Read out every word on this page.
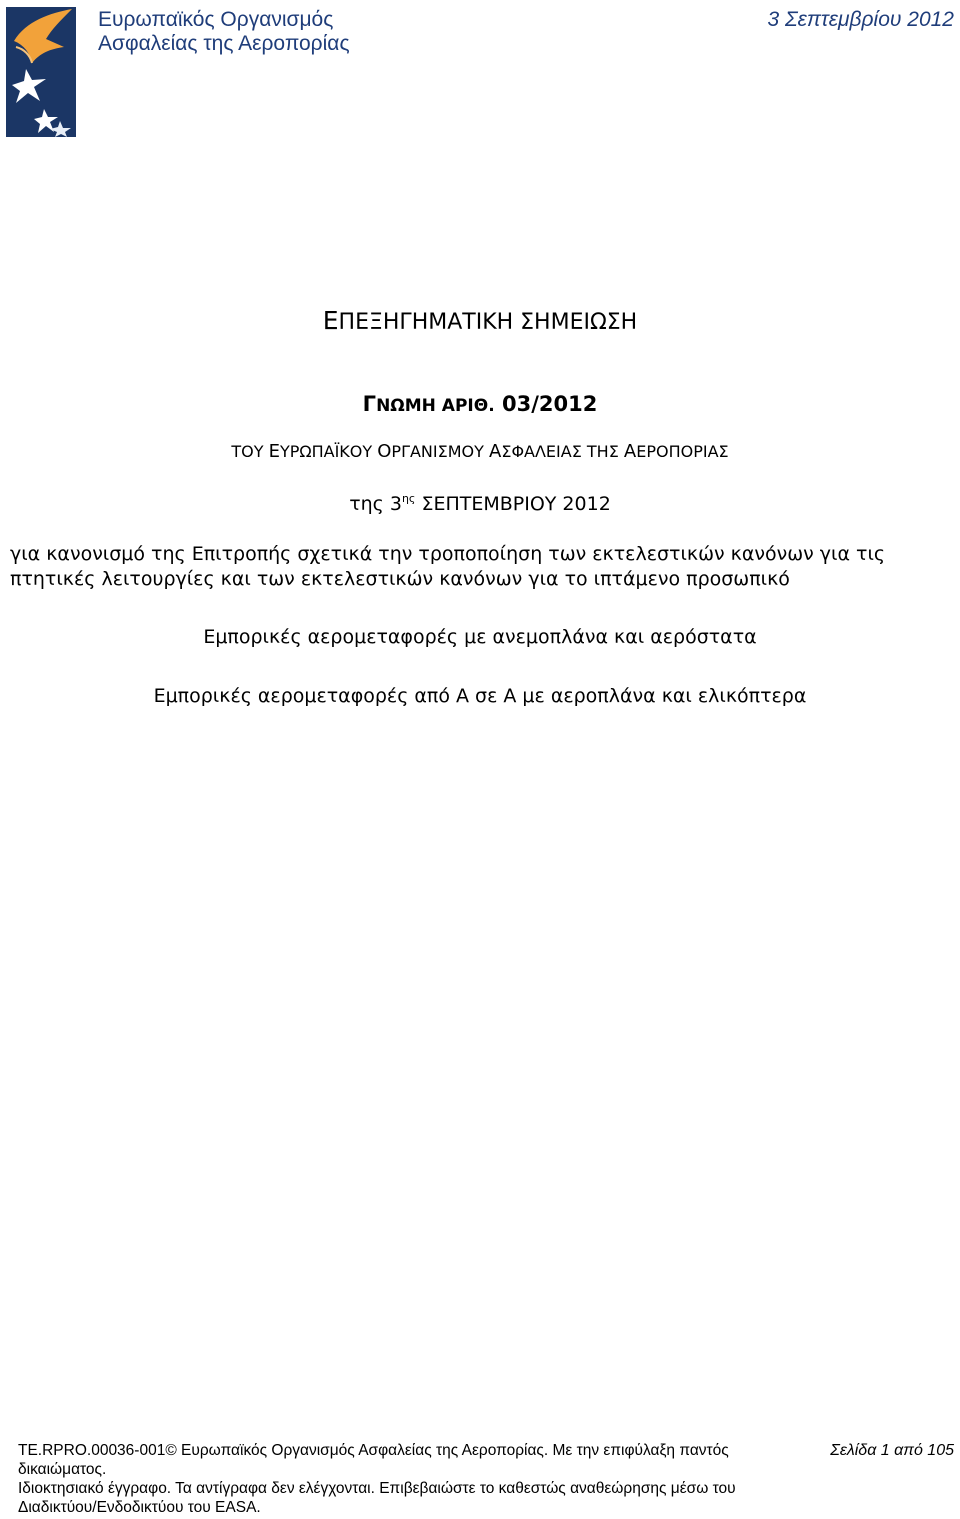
Ευρωπαϊκός Οργανισμός
Ασφαλείας της Αεροπορίας
3 Σεπτεμβρίου 2012
ΕΠΕΞΗΓΗΜΑΤΙΚΗ ΣΗΜΕΙΩΣΗ
ΓΝΩΜΗ ΑΡΙΘ. 03/2012
ΤΟΥ ΕΥΡΩΠΑΪΚΟΥ ΟΡΓΑΝΙΣΜΟΥ ΑΣΦΑΛΕΙΑΣ ΤΗΣ ΑΕΡΟΠΟΡΙΑΣ
της $3^{\eta\varsigma}$ ΣΕΠΤΕΜΒΡΙΟΥ 2012
για κανονισμό της Επιτροπής σχετικά την τροποποίηση των εκτελεστικών κανόνων για τις πτητικές λειτουργίες και των εκτελεστικών κανόνων για το ιπτάμενο προσωπικό
Εμπορικές αερομεταφορές με ανεμοπλάνα και αερόστατα
Εμπορικές αερομεταφορές από Α σε Α με αεροπλάνα και ελικόπτερα
TE.RPRO.00036-001© Ευρωπαϊκός Οργανισμός Ασφαλείας της Αεροπορίας. Με την επιφύλαξη παντός δικαιώματος.
Ιδιοκτησιακό έγγραφο. Τα αντίγραφα δεν ελέγχονται. Επιβεβαιώστε το καθεστώς αναθεώρησης μέσω του Διαδικτύου/Ενδοδικτύου του EASA.
Σελίδα 1 από 105
